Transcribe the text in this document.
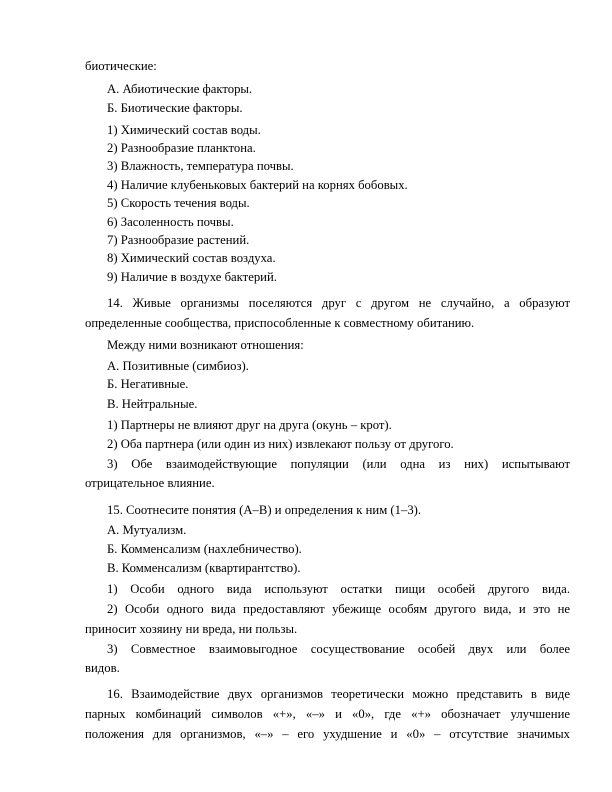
биотические:
А. Абиотические факторы.
Б. Биотические факторы.
1) Химический состав воды.
2) Разнообразие планктона.
3) Влажность, температура почвы.
4) Наличие клубеньковых бактерий на корнях бобовых.
5) Скорость течения воды.
6) Засоленность почвы.
7) Разнообразие растений.
8) Химический состав воздуха.
9) Наличие в воздухе бактерий.
14. Живые организмы поселяются друг с другом не случайно, а образуют
определенные сообщества, приспособленные к совместному обитанию.
Между ними возникают отношения:
А. Позитивные (симбиоз).
Б. Негативные.
В. Нейтральные.
1) Партнеры не влияют друг на друга (окунь – крот).
2) Оба партнера (или один из них) извлекают пользу от другого.
3) Обе взаимодействующие популяции (или одна из них) испытывают
отрицательное влияние.
15. Соотнесите понятия (А–В) и определения к ним (1–3).
А. Мутуализм.
Б. Комменсализм (нахлебничество).
В. Комменсализм (квартирантство).
1) Особи одного вида используют остатки пищи особей другого вида.
2) Особи одного вида предоставляют убежище особям другого вида, и это не
приносит хозяину ни вреда, ни пользы.
3) Совместное взаимовыгодное сосуществование особей двух или более
видов.
16. Взаимодействие двух организмов теоретически можно представить в виде
парных комбинаций символов «+», «–» и «0», где «+» обозначает улучшение
положения для организмов, «–» – его ухудшение и «0» – отсутствие значимых
